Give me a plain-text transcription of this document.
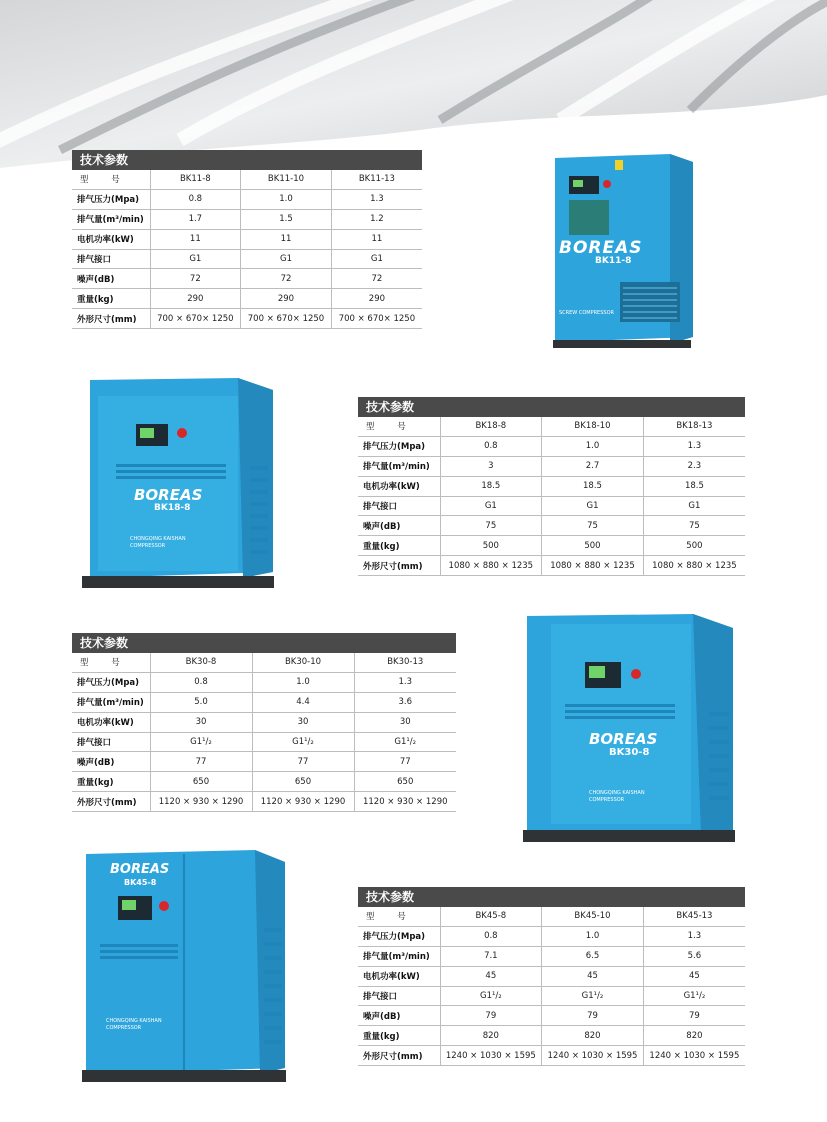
技术参数
型 号	BK11-8	BK11-10	BK11-13
排气压力(Mpa)	0.8	1.0	1.3
排气量(m³/min)	1.7	1.5	1.2
电机功率(kW)	11	11	11
排气接口	G1	G1	G1
噪声(dB)	72	72	72
重量(kg)	290	290	290
外形尺寸(mm)	700 × 670× 1250	700 × 670× 1250	700 × 670× 1250
技术参数
型 号	BK18-8	BK18-10	BK18-13
排气压力(Mpa)	0.8	1.0	1.3
排气量(m³/min)	3	2.7	2.3
电机功率(kW)	18.5	18.5	18.5
排气接口	G1	G1	G1
噪声(dB)	75	75	75
重量(kg)	500	500	500
外形尺寸(mm)	1080 × 880 × 1235	1080 × 880 × 1235	1080 × 880 × 1235
技术参数
型 号	BK30-8	BK30-10	BK30-13
排气压力(Mpa)	0.8	1.0	1.3
排气量(m³/min)	5.0	4.4	3.6
电机功率(kW)	30	30	30
排气接口	G1¹/₂	G1¹/₂	G1¹/₂
噪声(dB)	77	77	77
重量(kg)	650	650	650
外形尺寸(mm)	1120 × 930 × 1290	1120 × 930 × 1290	1120 × 930 × 1290
技术参数
型 号	BK45-8	BK45-10	BK45-13
排气压力(Mpa)	0.8	1.0	1.3
排气量(m³/min)	7.1	6.5	5.6
电机功率(kW)	45	45	45
排气接口	G1¹/₂	G1¹/₂	G1¹/₂
噪声(dB)	79	79	79
重量(kg)	820	820	820
外形尺寸(mm)	1240 × 1030 × 1595	1240 × 1030 × 1595	1240 × 1030 × 1595
BOREAS
BK11-8
SCREW COMPRESSOR
BOREAS
BK18-8
CHONGQING KAISHAN COMPRESSOR
BOREAS
BK30-8
CHONGQING KAISHAN COMPRESSOR
BOREAS
BK45-8
CHONGQING KAISHAN COMPRESSOR
